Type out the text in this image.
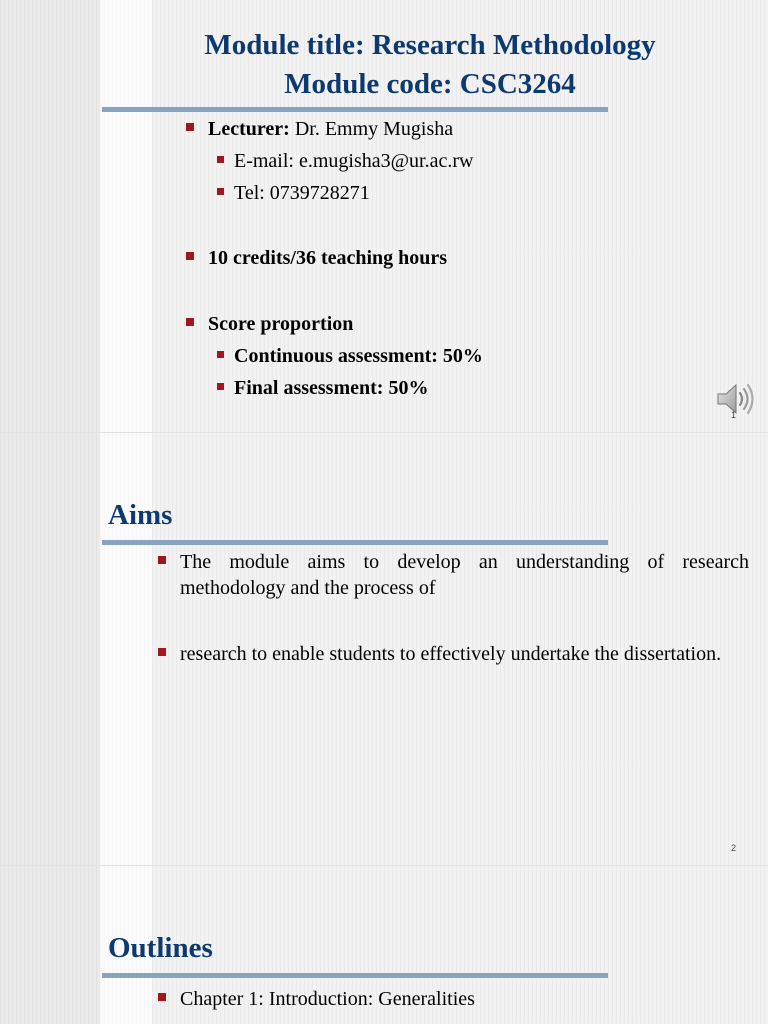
Module title: Research Methodology
Module code: CSC3264
Lecturer: Dr. Emmy Mugisha
E-mail: e.mugisha3@ur.ac.rw
Tel: 0739728271
10 credits/36 teaching hours
Score proportion
Continuous assessment: 50%
Final assessment: 50%
1
Aims
The module aims to develop an understanding of research methodology and the process of
research to enable students to effectively undertake the dissertation.
2
Outlines
Chapter 1: Introduction: Generalities
